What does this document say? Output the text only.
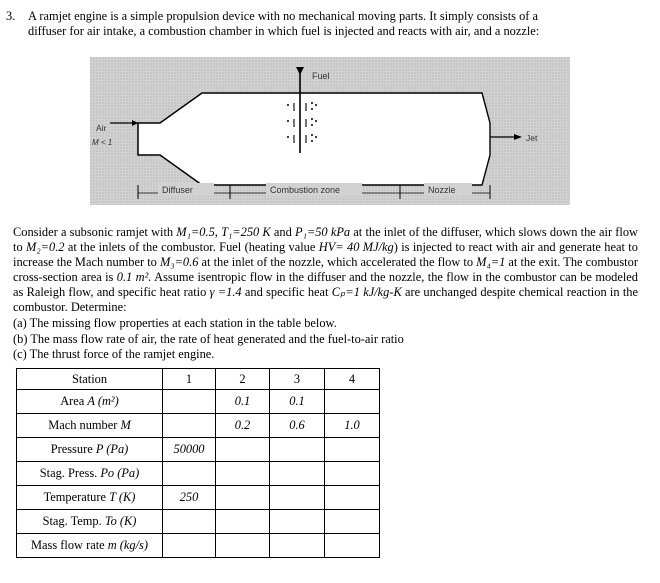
3. A ramjet engine is a simple propulsion device with no mechanical moving parts. It simply consists of a
diffuser for air intake, a combustion chamber in which fuel is injected and reacts with air, and a nozzle:
Air
M < 1	Jet
Fuel
Diffuser	Combustion zone	Nozzle

Consider a subsonic ramjet with M₁=0.5, T₁=250 K and P₁=50 kPa at the inlet of the diffuser, which slows down the air flow to M₂=0.2 at the inlets of the combustor. Fuel (heating value HV= 40 MJ/kg) is injected to react with air and generate heat to increase the Mach number to M₃=0.6 at the inlet of the nozzle, which accelerated the flow to M₄=1 at the exit. The combustor cross-section area is 0.1 m². Assume isentropic flow in the diffuser and the nozzle, the flow in the combustor can be modeled as Raleigh flow, and specific heat ratio γ =1.4 and specific heat Cₚ=1 kJ/kg-K are unchanged despite chemical reaction in the combustor. Determine:

(a) The missing flow properties at each station in the table below.
(b) The mass flow rate of air, the rate of heat generated and the fuel-to-air ratio
(c) The thrust force of the ramjet engine.
Station	1	2	3	4
Area A (m²)		0.1	0.1	
Mach number M		0.2	0.6	1.0
Pressure P (Pa)	50000			
Stag. Press. Po (Pa)				
Temperature T (K)	250			
Stag. Temp. To (K)				
Mass flow rate m (kg/s)				
